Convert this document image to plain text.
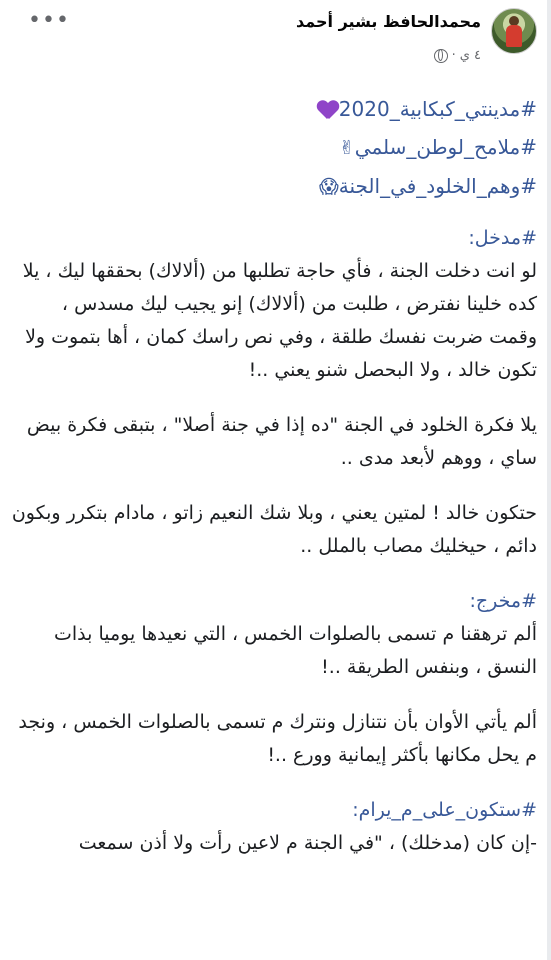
محمدالحافظ بشير أحمد
٤ ي
·
•••
#مدينتي_كبكابية_2020
#ملامح_لوطن_سلمي✌
#وهم_الخلود_في_الجنة😱
#مدخل:

لو انت دخلت الجنة ، فأي حاجة تطلبها من (ألالاك) بحققها ليك ، يلا كده خلينا نفترض ، طلبت من (ألالاك) إنو يجيب ليك مسدس ، وقمت ضربت نفسك طلقة ، وفي نص راسك كمان ، أها بتموت ولا تكون خالد ، ولا البحصل شنو يعني ..!

يلا فكرة الخلود في الجنة "ده إذا في جنة أصلا" ، بتبقى فكرة بيض ساي ، ووهم لأبعد مدى ..

حتكون خالد ! لمتين يعني ، وبلا شك النعيم زاتو ، مادام بتكرر وبكون دائم ، حيخليك مصاب بالملل ..

#مخرج:

ألم ترهقنا م تسمى بالصلوات الخمس ، التي نعيدها يوميا بذات النسق ، وبنفس الطريقة ..!

ألم يأتي الأوان بأن نتنازل ونترك م تسمى بالصلوات الخمس ، ونجد م يحل مكانها بأكثر إيمانية وورع ..!

#ستكون_على_م_يرام:

-إن كان (مدخلك) ، "في الجنة م لاعين رأت ولا أذن سمعت
